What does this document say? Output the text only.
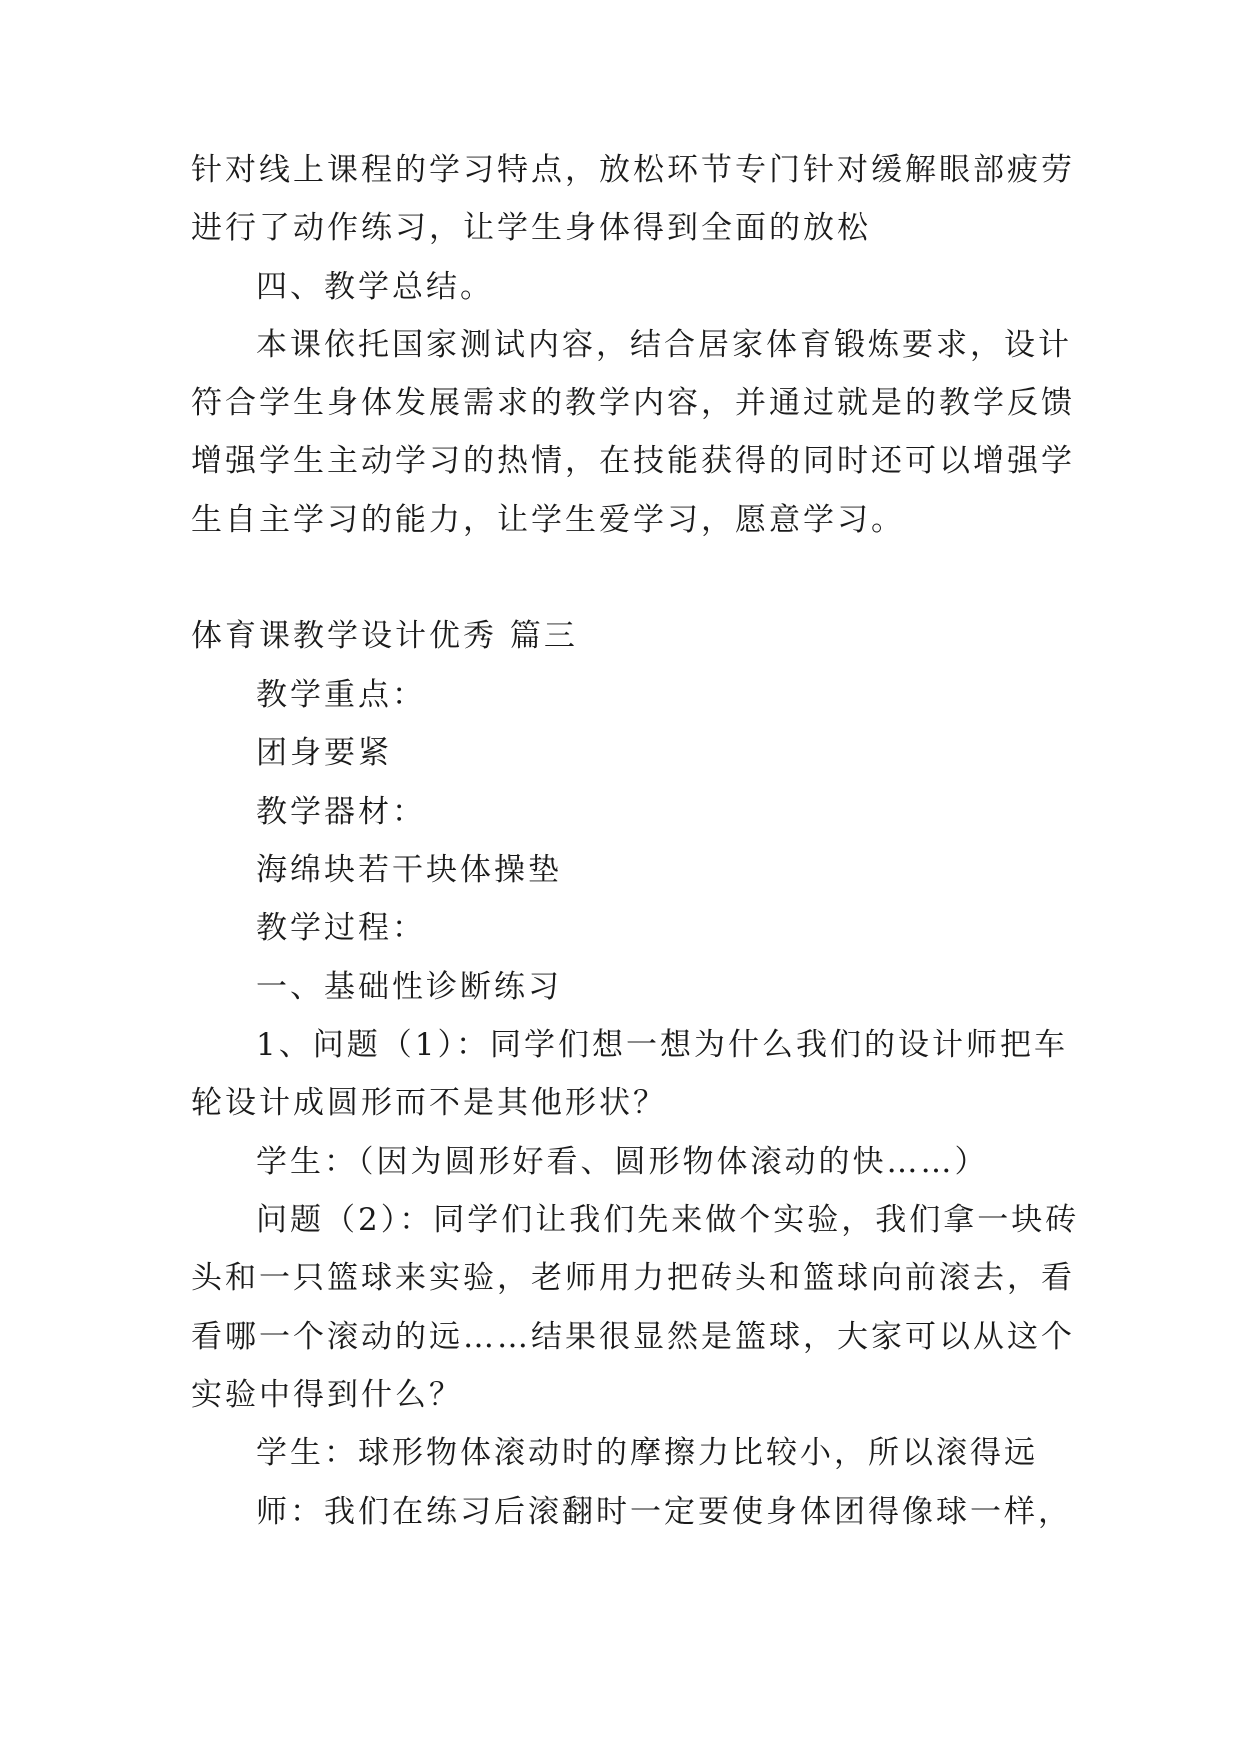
针对线上课程的学习特点，放松环节专门针对缓解眼部疲劳
进行了动作练习，让学生身体得到全面的放松
四、教学总结。
本课依托国家测试内容，结合居家体育锻炼要求，设计
符合学生身体发展需求的教学内容，并通过就是的教学反馈
增强学生主动学习的热情，在技能获得的同时还可以增强学
生自主学习的能力，让学生爱学习，愿意学习。
体育课教学设计优秀 篇三
教学重点：
团身要紧
教学器材：
海绵块若干块体操垫
教学过程：
一、基础性诊断练习
1、问题（1）：同学们想一想为什么我们的设计师把车
轮设计成圆形而不是其他形状？
学生：（因为圆形好看、圆形物体滚动的快……）
问题（2）：同学们让我们先来做个实验，我们拿一块砖
头和一只篮球来实验，老师用力把砖头和篮球向前滚去，看
看哪一个滚动的远……结果很显然是篮球，大家可以从这个
实验中得到什么？
学生：球形物体滚动时的摩擦力比较小，所以滚得远
师：我们在练习后滚翻时一定要使身体团得像球一样，
